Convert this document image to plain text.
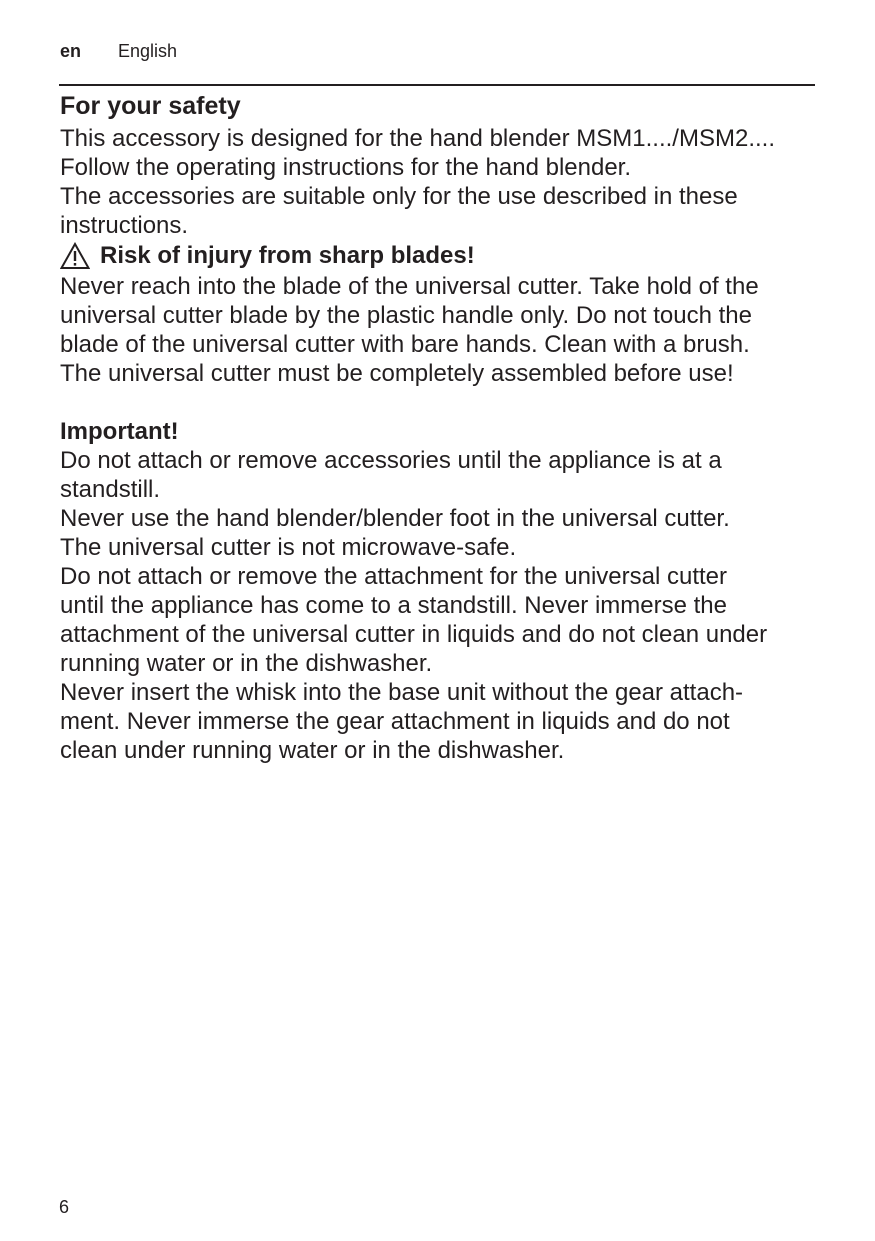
en English

For your safety

This accessory is designed for the hand blender MSM1..../MSM2....

Follow the operating instructions for the hand blender.

The accessories are suitable only for the use described in these

instructions.

Risk of injury from sharp blades!

Never reach into the blade of the universal cutter. Take hold of the

universal cutter blade by the plastic handle only. Do not touch the

blade of the universal cutter with bare hands. Clean with a brush.

The universal cutter must be completely assembled before use!

Important!

Do not attach or remove accessories until the appliance is at a

standstill.

Never use the hand blender/blender foot in the universal cutter.

The universal cutter is not microwave-safe.

Do not attach or remove the attachment for the universal cutter

until the appliance has come to a standstill. Never immerse the

attachment of the universal cutter in liquids and do not clean under

running water or in the dishwasher.

Never insert the whisk into the base unit without the gear attach-

ment. Never immerse the gear attachment in liquids and do not

clean under running water or in the dishwasher.

6
